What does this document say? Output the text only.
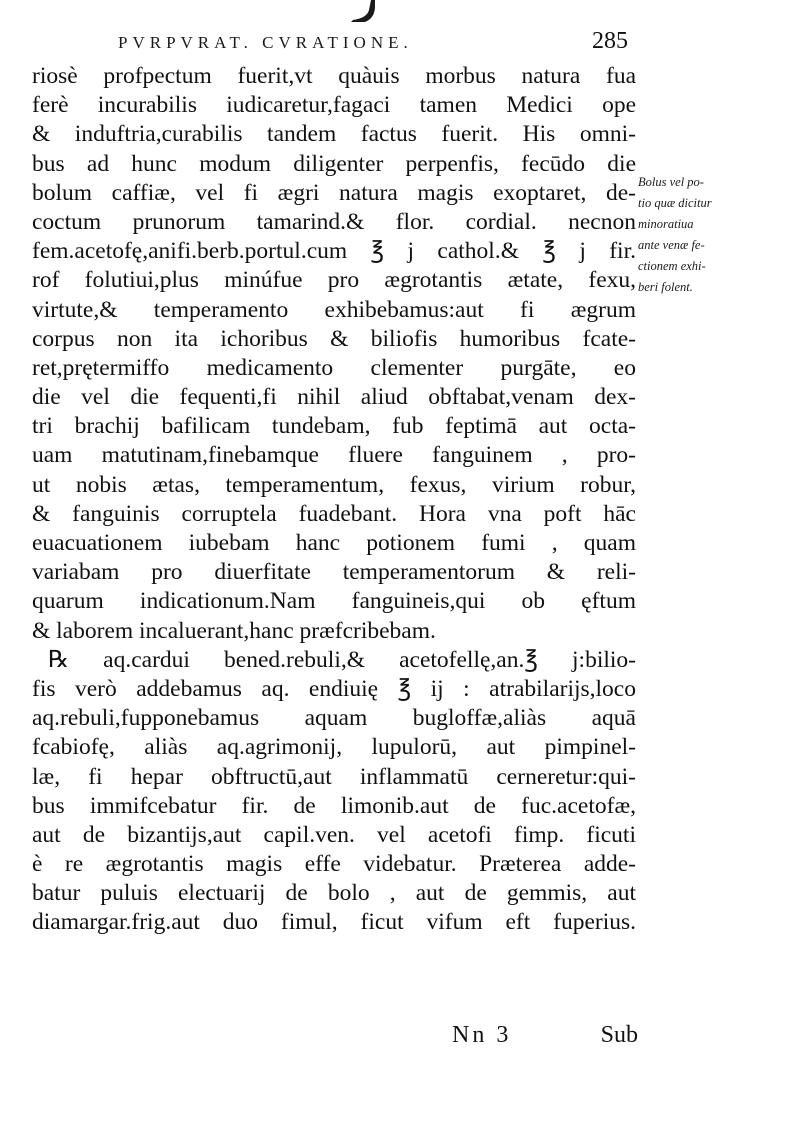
PVRPVRAT. CVRATIONE.	285
riosè profpectum fuerit,vt quàuis morbus natura fua
ferè incurabilis iudicaretur,fagaci tamen Medici ope
& induftria,curabilis tandem factus fuerit. His omni-
bus ad hunc modum diligenter perpenfis, fecūdo die
bolum caffiæ, vel fi ægri natura magis exoptaret, de-
coctum prunorum tamarind.& flor. cordial. necnon
fem.acetofę,anifi.berb.portul.cum ℥ j cathol.& ℥ j fir.
rof folutiui,plus minúfue pro ægrotantis ætate, fexu,
virtute,& temperamento exhibebamus:aut fi ægrum
corpus non ita ichoribus & biliofis humoribus fcate-
ret,prętermiffo medicamento clementer purgāte, eo
die vel die fequenti,fi nihil aliud obftabat,venam dex-
tri brachij bafilicam tundebam, fub feptimā aut octa-
uam matutinam,finebamque fluere fanguinem , pro-
ut nobis ætas, temperamentum, fexus, virium robur,
& fanguinis corruptela fuadebant. Hora vna poft hāc
euacuationem iubebam hanc potionem fumi , quam
variabam pro diuerfitate temperamentorum & reli-
quarum indicationum.Nam fanguineis,qui ob ęftum
& laborem incaluerant,hanc præfcribebam.
℞ aq.cardui bened.rebuli,& acetofellę,an.℥ j:bilio-
fis verò addebamus aq. endiuię ℥ ij : atrabilarijs,loco
aq.rebuli,fupponebamus aquam bugloffæ,aliàs aquā
fcabiofę, aliàs aq.agrimonij, lupulorū, aut pimpinel-
læ, fi hepar obftructū,aut inflammatū cerneretur:qui-
bus immifcebatur fir. de limonib.aut de fuc.acetofæ,
aut de bizantijs,aut capil.ven. vel acetofi fimp. ficuti
è re ægrotantis magis effe videbatur. Præterea adde-
batur puluis electuarij de bolo , aut de gemmis, aut
diamargar.frig.aut duo fimul, ficut vifum eft fuperius.
Bolus vel po-
tio quæ dicitur
minoratiua
ante venæ fe-
ctionem exhi-
beri folent.
Nn 3	Sub
